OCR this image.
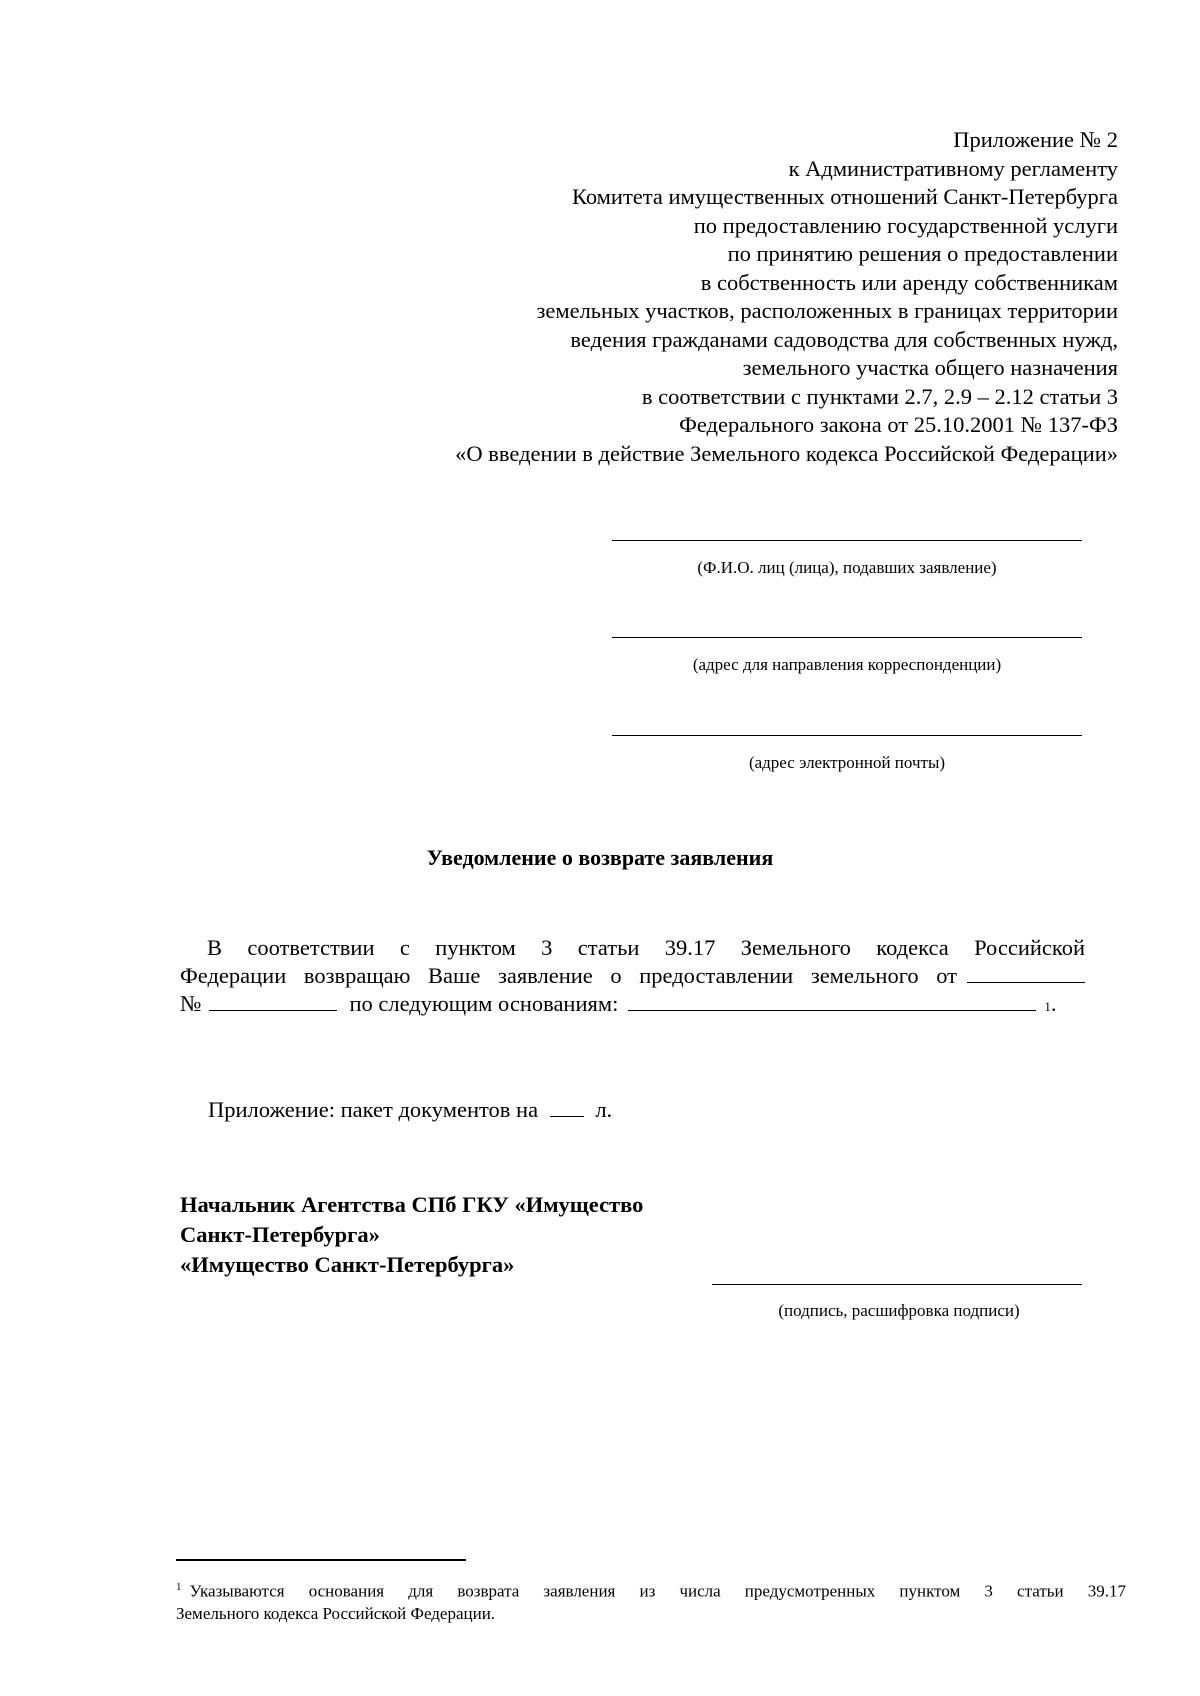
Приложение № 2
к Административному регламенту
Комитета имущественных отношений Санкт-Петербурга
по предоставлению государственной услуги
по принятию решения о предоставлении
в собственность или аренду собственникам
земельных участков, расположенных в границах территории
ведения гражданами садоводства для собственных нужд,
земельного участка общего назначения
в соответствии с пунктами 2.7, 2.9 – 2.12 статьи 3
Федерального закона от 25.10.2001 № 137-ФЗ
«О введении в действие Земельного кодекса Российской Федерации»
(Ф.И.О. лиц (лица), подавших заявление)
(адрес для направления корреспонденции)
(адрес электронной почты)
Уведомление о возврате заявления

В соответствии с пунктом 3 статьи 39.17 Земельного кодекса Российской

Федерации возвращаю Ваше заявление о предоставлении земельного от
№	по следующим основаниям:	1 .
Приложение: пакет документов на	л.
Начальник Агентства СПб ГКУ «Имущество
Санкт-Петербурга»
«Имущество Санкт-Петербурга»
(подпись, расшифровка подписи)
$^1$ Указываются основания для возврата заявления из числа предусмотренных пунктом 3 статьи 39.17
Земельного кодекса Российской Федерации.
